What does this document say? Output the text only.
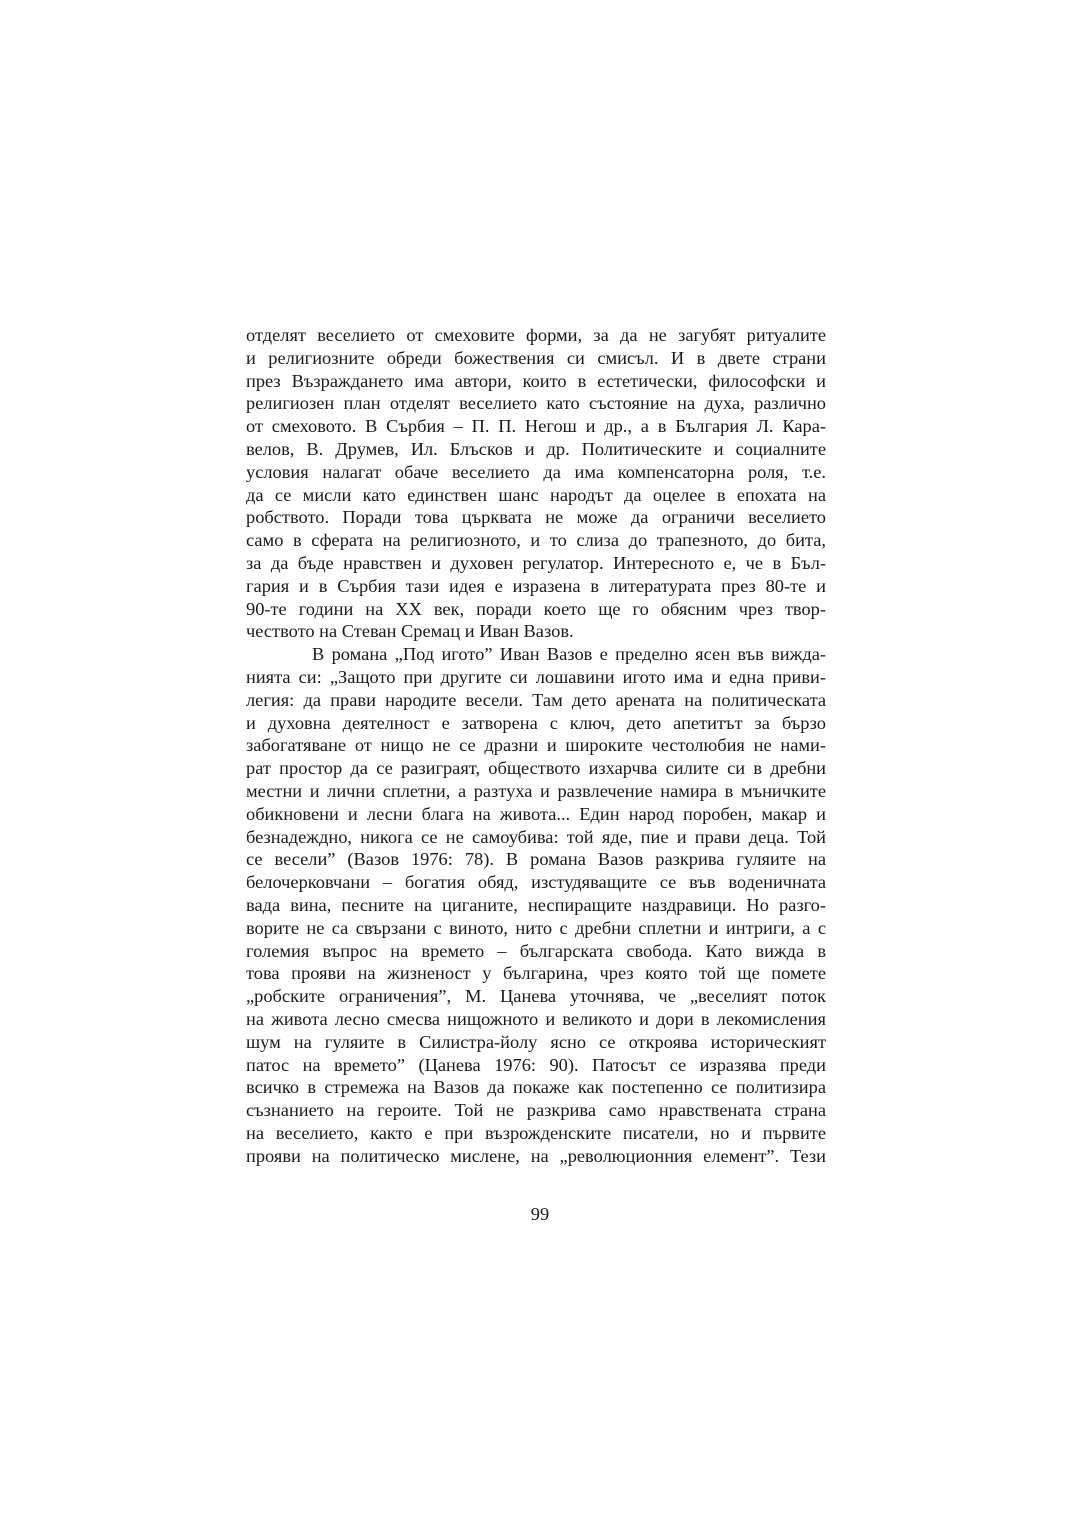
отделят веселието от смеховите форми, за да не загубят ритуалите
и религиозните обреди божествения си смисъл. И в двете страни
през Възраждането има автори, които в естетически, философски и
религиозен план отделят веселието като състояние на духа, различно
от смеховото. В Сърбия – П. П. Негош и др., а в България Л. Кара-
велов, В. Друмев, Ил. Блъсков и др. Политическите и социалните
условия налагат обаче веселието да има компенсаторна роля, т.е.
да се мисли като единствен шанс народът да оцелее в епохата на
робството. Поради това църквата не може да ограничи веселието
само в сферата на религиозното, и то слиза до трапезното, до бита,
за да бъде нравствен и духовен регулатор. Интересното е, че в Бъл-
гария и в Сърбия тази идея е изразена в литературата през 80-те и
90-те години на XX век, поради което ще го обясним чрез твор-
чеството на Стеван Сремац и Иван Вазов.
В романа „Под игото” Иван Вазов е пределно ясен във вижда-
нията си: „Защото при другите си лошавини игото има и една приви-
легия: да прави народите весели. Там дето арената на политическата
и духовна деятелност е затворена с ключ, дето апетитът за бързо
забогатяване от нищо не се дразни и широките честолюбия не нами-
рат простор да се разиграят, обществото изхарчва силите си в дребни
местни и лични сплетни, а разтуха и развлечение намира в мъничките
обикновени и лесни блага на живота... Един народ поробен, макар и
безнадеждно, никога се не самоубива: той яде, пие и прави деца. Той
се весели” (Вазов 1976: 78). В романа Вазов разкрива гуляите на
белочерковчани – богатия обяд, изстудяващите се във воденичната
вада вина, песните на циганите, неспиращите наздравици. Но разго-
ворите не са свързани с виното, нито с дребни сплетни и интриги, а с
големия въпрос на времето – българската свобода. Като вижда в
това прояви на жизненост у българина, чрез която той ще помете
„робските ограничения”, М. Цанева уточнява, че „веселият поток
на живота лесно смесва нищожното и великото и дори в лекомисления
шум на гуляите в Силистра-йолу ясно се откроява историческият
патос на времето” (Цанева 1976: 90). Патосът се изразява преди
всичко в стремежа на Вазов да покаже как постепенно се политизира
съзнанието на героите. Той не разкрива само нравствената страна
на веселието, както е при възрожденските писатели, но и първите
прояви на политическо мислене, на „революционния елемент”. Тези
99
